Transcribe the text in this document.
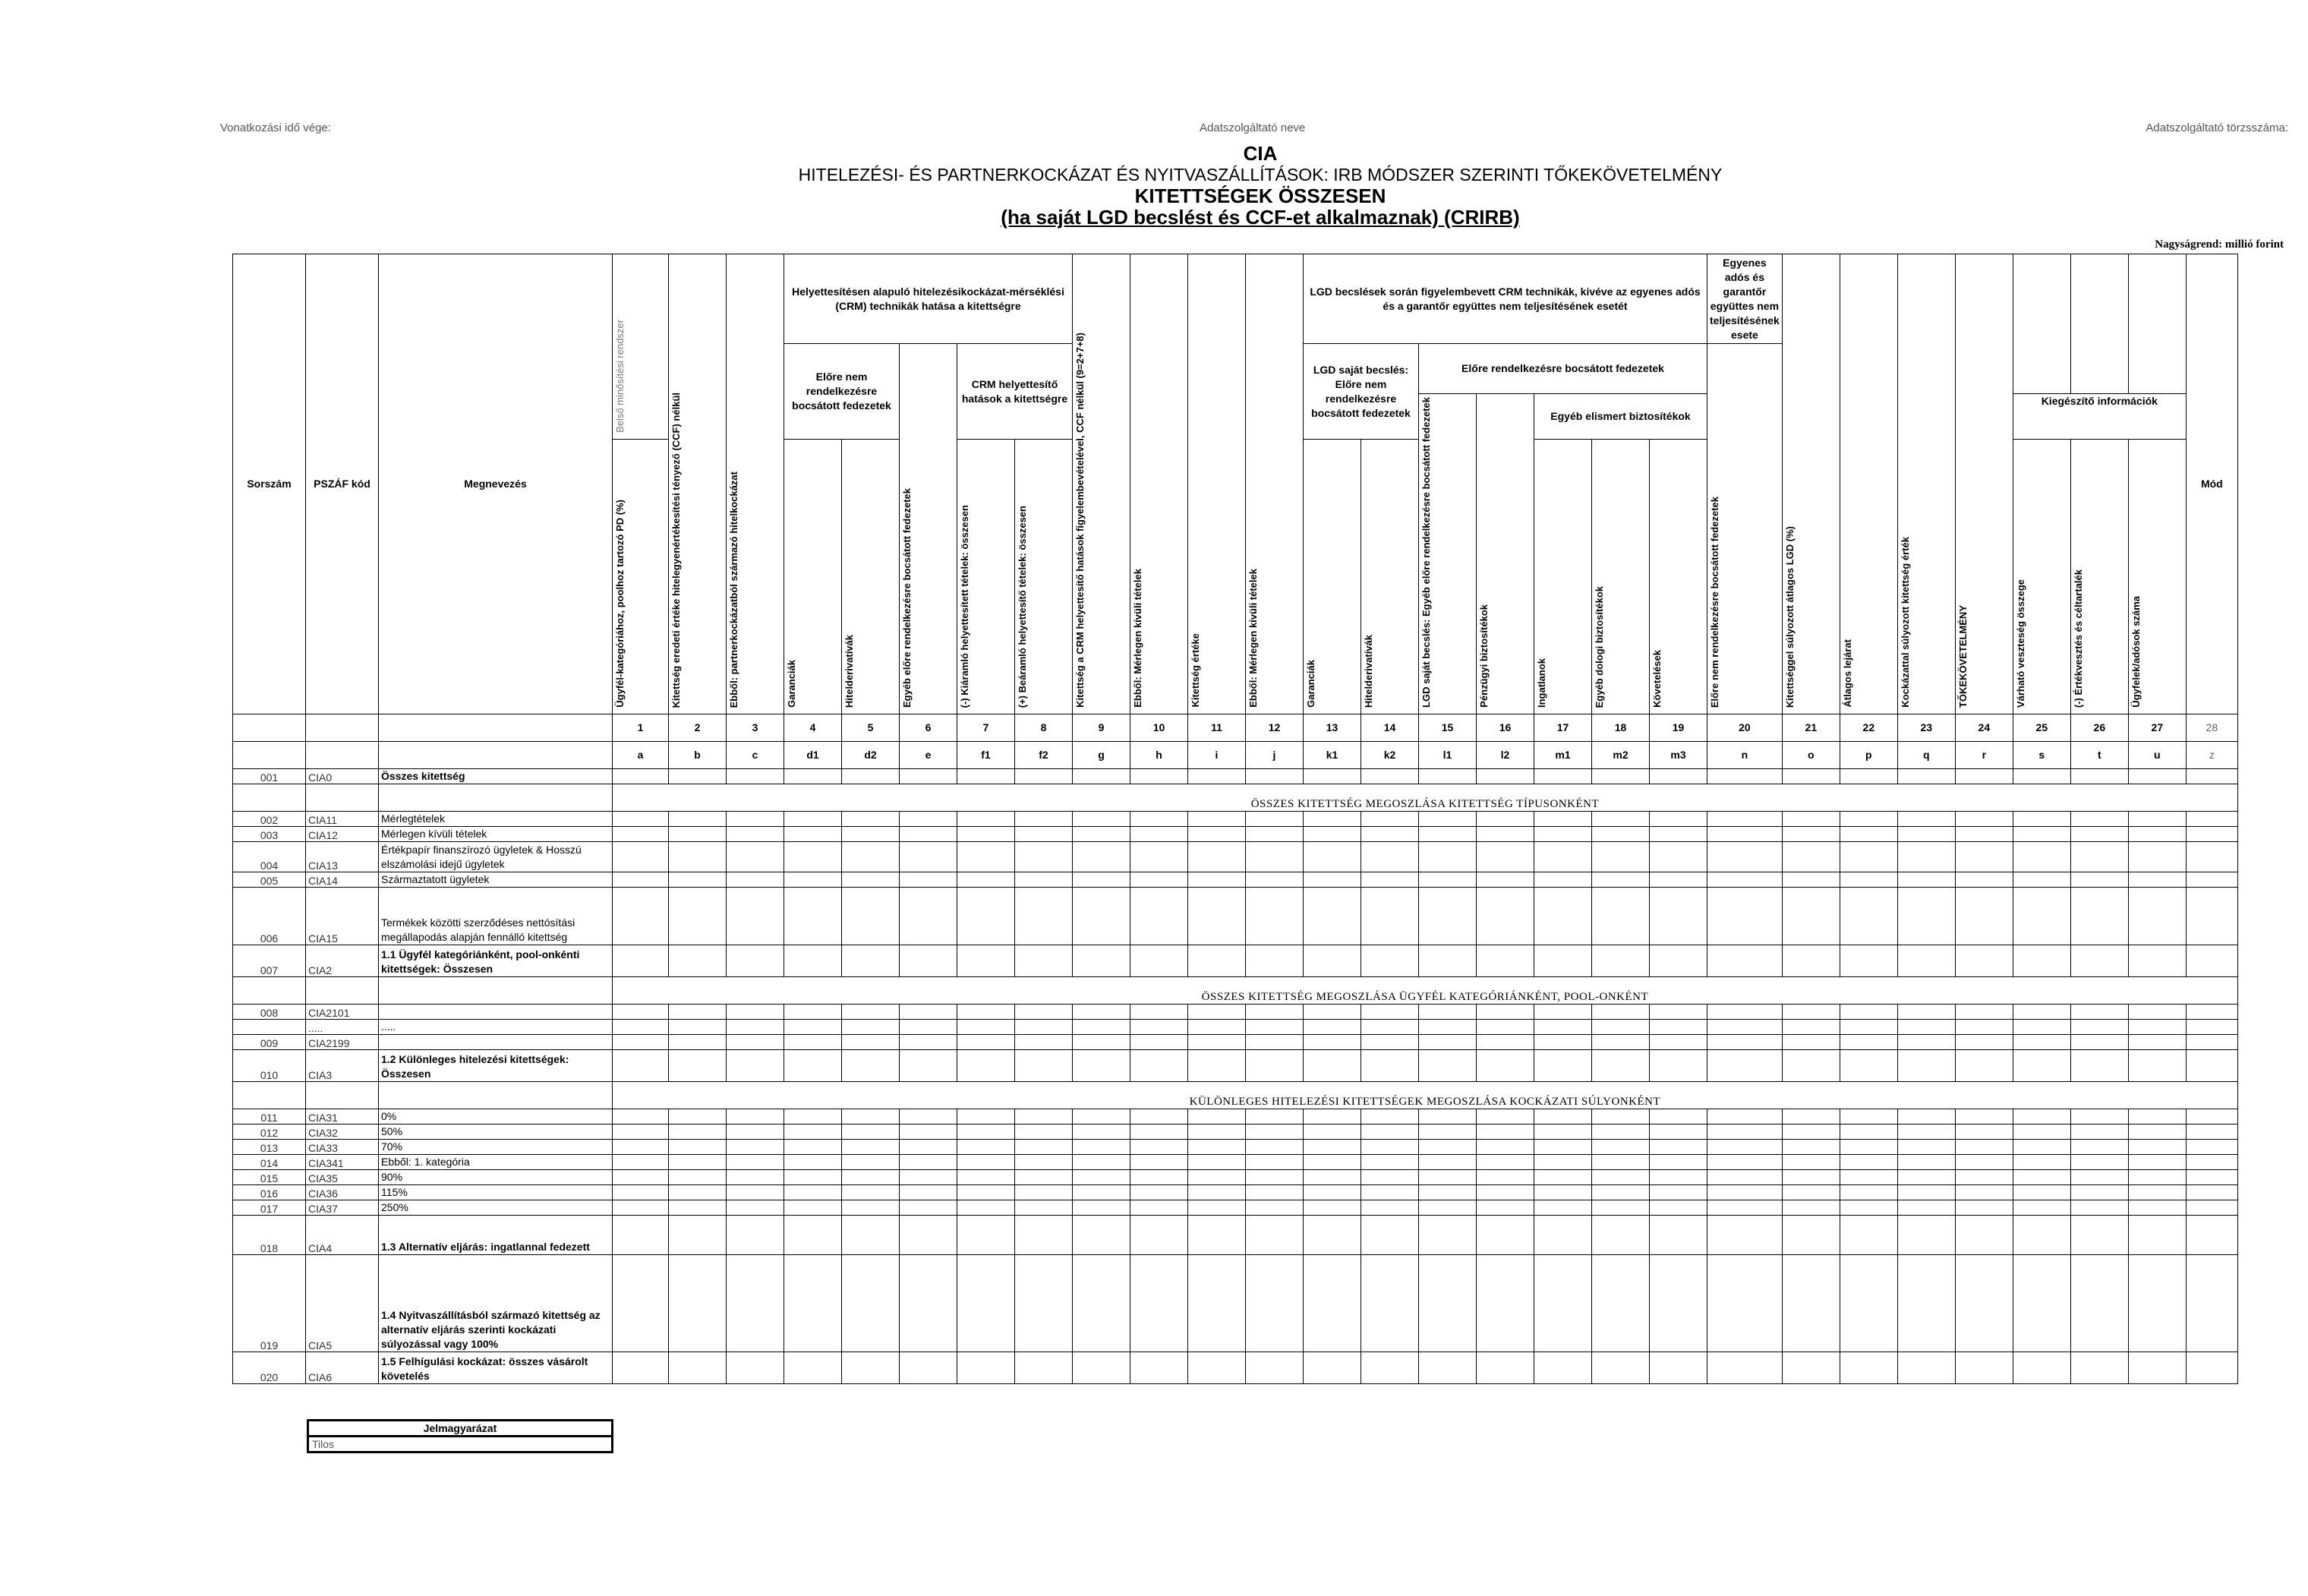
Vonatkozási idő vége:	Adatszolgáltató neve	Adatszolgáltató törzsszáma:
CIA
HITELEZÉSI- ÉS PARTNERKOCKÁZAT ÉS NYITVASZÁLLÍTÁSOK: IRB MÓDSZER SZERINTI TŐKEKÖVETELMÉNY
KITETTSÉGEK ÖSSZESEN
(ha saját LGD becslést és CCF-et alkalmaznak) (CRIRB)
Nagyságrend: millió forint
Sorszám	PSZÁF kód	Megnevezés	Belső minősítési rendszer	Kitettség eredeti értéke hitelegyenértékesítési tényező (CCF) nélkül	Ebből: partnerkockázatból származó hitelkockázat	Helyettesítésen alapuló hitelezésikockázat-mérséklési (CRM) technikák hatása a kitettségre					Kitettség a CRM helyettesítő hatások figyelembevételével, CCF nélkül (9=2+7+8)	Ebből: Mérlegen kívüli tételek	Kitettség értéke	Ebből: Mérlegen kívüli tételek	LGD becslések során figyelembevett CRM technikák, kivéve az egyenes adós és a garantőr együttes nem teljesítésének esetét							Egyenes adós és garantőr együttes nem teljesítésének esete	Kitettséggel súlyozott átlagos LGD (%)	Átlagos lejárat	Kockázattal súlyozott kitettség érték	TŐKEKÖVETELMÉNY				Mód
						Előre nem rendelkezésre bocsátott fedezetek		Egyéb előre rendelkezésre bocsátott fedezetek	CRM helyettesítő hatások a kitettségre						LGD saját becslés: Előre nem rendelkezésre bocsátott fedezetek		Előre rendelkezésre bocsátott fedezetek					Előre nem rendelkezésre bocsátott fedezetek								
																	LGD saját becslés: Egyéb előre rendelkezésre bocsátott fedezetek	Pénzügyi biztosítékok	Egyéb elismert biztosítékok								Kiegészítő információk			
			Ügyfél-kategóriához, poolhoz tartozó PD (%)			Garanciák	Hitelderivatívák		(-) Kiáramló helyettesített tételek: összesen	(+) Beáramló helyettesítő tételek: összesen					Garanciák	Hitelderivatívák			Ingatlanok	Egyéb dologi biztosítékok	Követelések						Várható veszteség összege	(-) Értékvesztés és céltartalék	Ügyfelek/adósok száma	
			1	2	3	4	5	6	7	8	9	10	11	12	13	14	15	16	17	18	19	20	21	22	23	24	25	26	27	28
			a	b	c	d1	d2	e	f1	f2	g	h	i	j	k1	k2	l1	l2	m1	m2	m3	n	o	p	q	r	s	t	u	z
001	CIA0	Összes kitettség																												
			ÖSSZES KITETTSÉG MEGOSZLÁSA KITETTSÉG TÍPUSONKÉNT																											
002	CIA11	Mérlegtételek																												
003	CIA12	Mérlegen kívüli tételek																												
004	CIA13	Értékpapír finanszírozó ügyletek & Hosszú elszámolási idejű ügyletek																												
005	CIA14	Származtatott ügyletek																												
006	CIA15	Termékek közötti szerződéses nettósítási megállapodás alapján fennálló kitettség																												
007	CIA2	1.1 Ügyfél kategóriánként, pool-onkénti kitettségek: Összesen																												
			ÖSSZES KITETTSÉG MEGOSZLÁSA ÜGYFÉL KATEGÓRIÁNKÉNT, POOL-ONKÉNT																											
008	CIA2101																													
	.....	.....																												
009	CIA2199																													
010	CIA3	1.2 Különleges hitelezési kitettségek: Összesen																												
			KÜLÖNLEGES HITELEZÉSI KITETTSÉGEK MEGOSZLÁSA KOCKÁZATI SÚLYONKÉNT																											
011	CIA31	0%																												
012	CIA32	50%																												
013	CIA33	70%																												
014	CIA341	Ebből: 1. kategória																												
015	CIA35	90%																												
016	CIA36	115%																												
017	CIA37	250%																												
018	CIA4	1.3 Alternatív eljárás: ingatlannal fedezett																												
019	CIA5	1.4 Nyitvaszállításból származó kitettség az alternatív eljárás szerinti kockázati súlyozással vagy 100%																												
020	CIA6	1.5 Felhígulási kockázat: összes vásárolt követelés																												
Jelmagyarázat
Tilos
